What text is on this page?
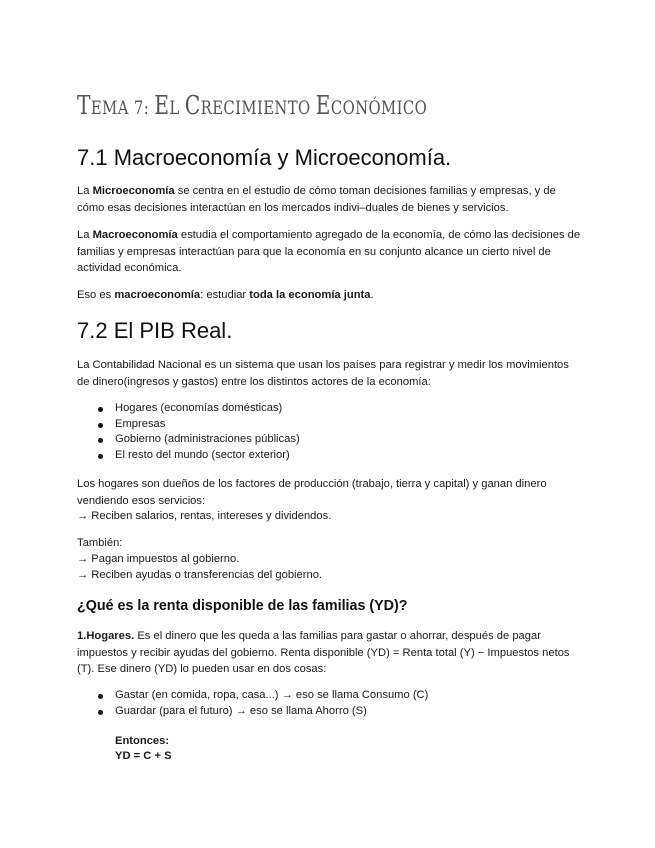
TEMA 7: EL CRECIMIENTO ECONÓMICO
7.1 Macroeconomía y Microeconomía.

La Microeconomía se centra en el estudio de cómo toman decisiones familias y empresas, y de cómo esas decisiones interactúan en los mercados indivi–duales de bienes y servicios.

La Macroeconomía estudia el comportamiento agregado de la economía, de cómo las decisiones de familias y empresas interactúan para que la economía en su conjunto alcance un cierto nivel de actividad económica.

Eso es macroeconomía: estudiar toda la economía junta.

7.2 El PIB Real.

La Contabilidad Nacional es un sistema que usan los países para registrar y medir los movimientos de dinero(ingresos y gastos) entre los distintos actores de la economía:

Hogares (economías domésticas)
Empresas
Gobierno (administraciones públicas)
El resto del mundo (sector exterior)

Los hogares son dueños de los factores de producción (trabajo, tierra y capital) y ganan dinero vendiendo esos servicios:

→ Reciben salarios, rentas, intereses y dividendos.

También:

→ Pagan impuestos al gobierno.

→ Reciben ayudas o transferencias del gobierno.

¿Qué es la renta disponible de las familias (YD)?

1.Hogares. Es el dinero que les queda a las familias para gastar o ahorrar, después de pagar impuestos y recibir ayudas del gobierno. Renta disponible (YD) = Renta total (Y) − Impuestos netos (T). Ese dinero (YD) lo pueden usar en dos cosas:

Gastar (en comida, ropa, casa...) → eso se llama Consumo (C)
Guardar (para el futuro) → eso se llama Ahorro (S)

Entonces:

YD = C + S
